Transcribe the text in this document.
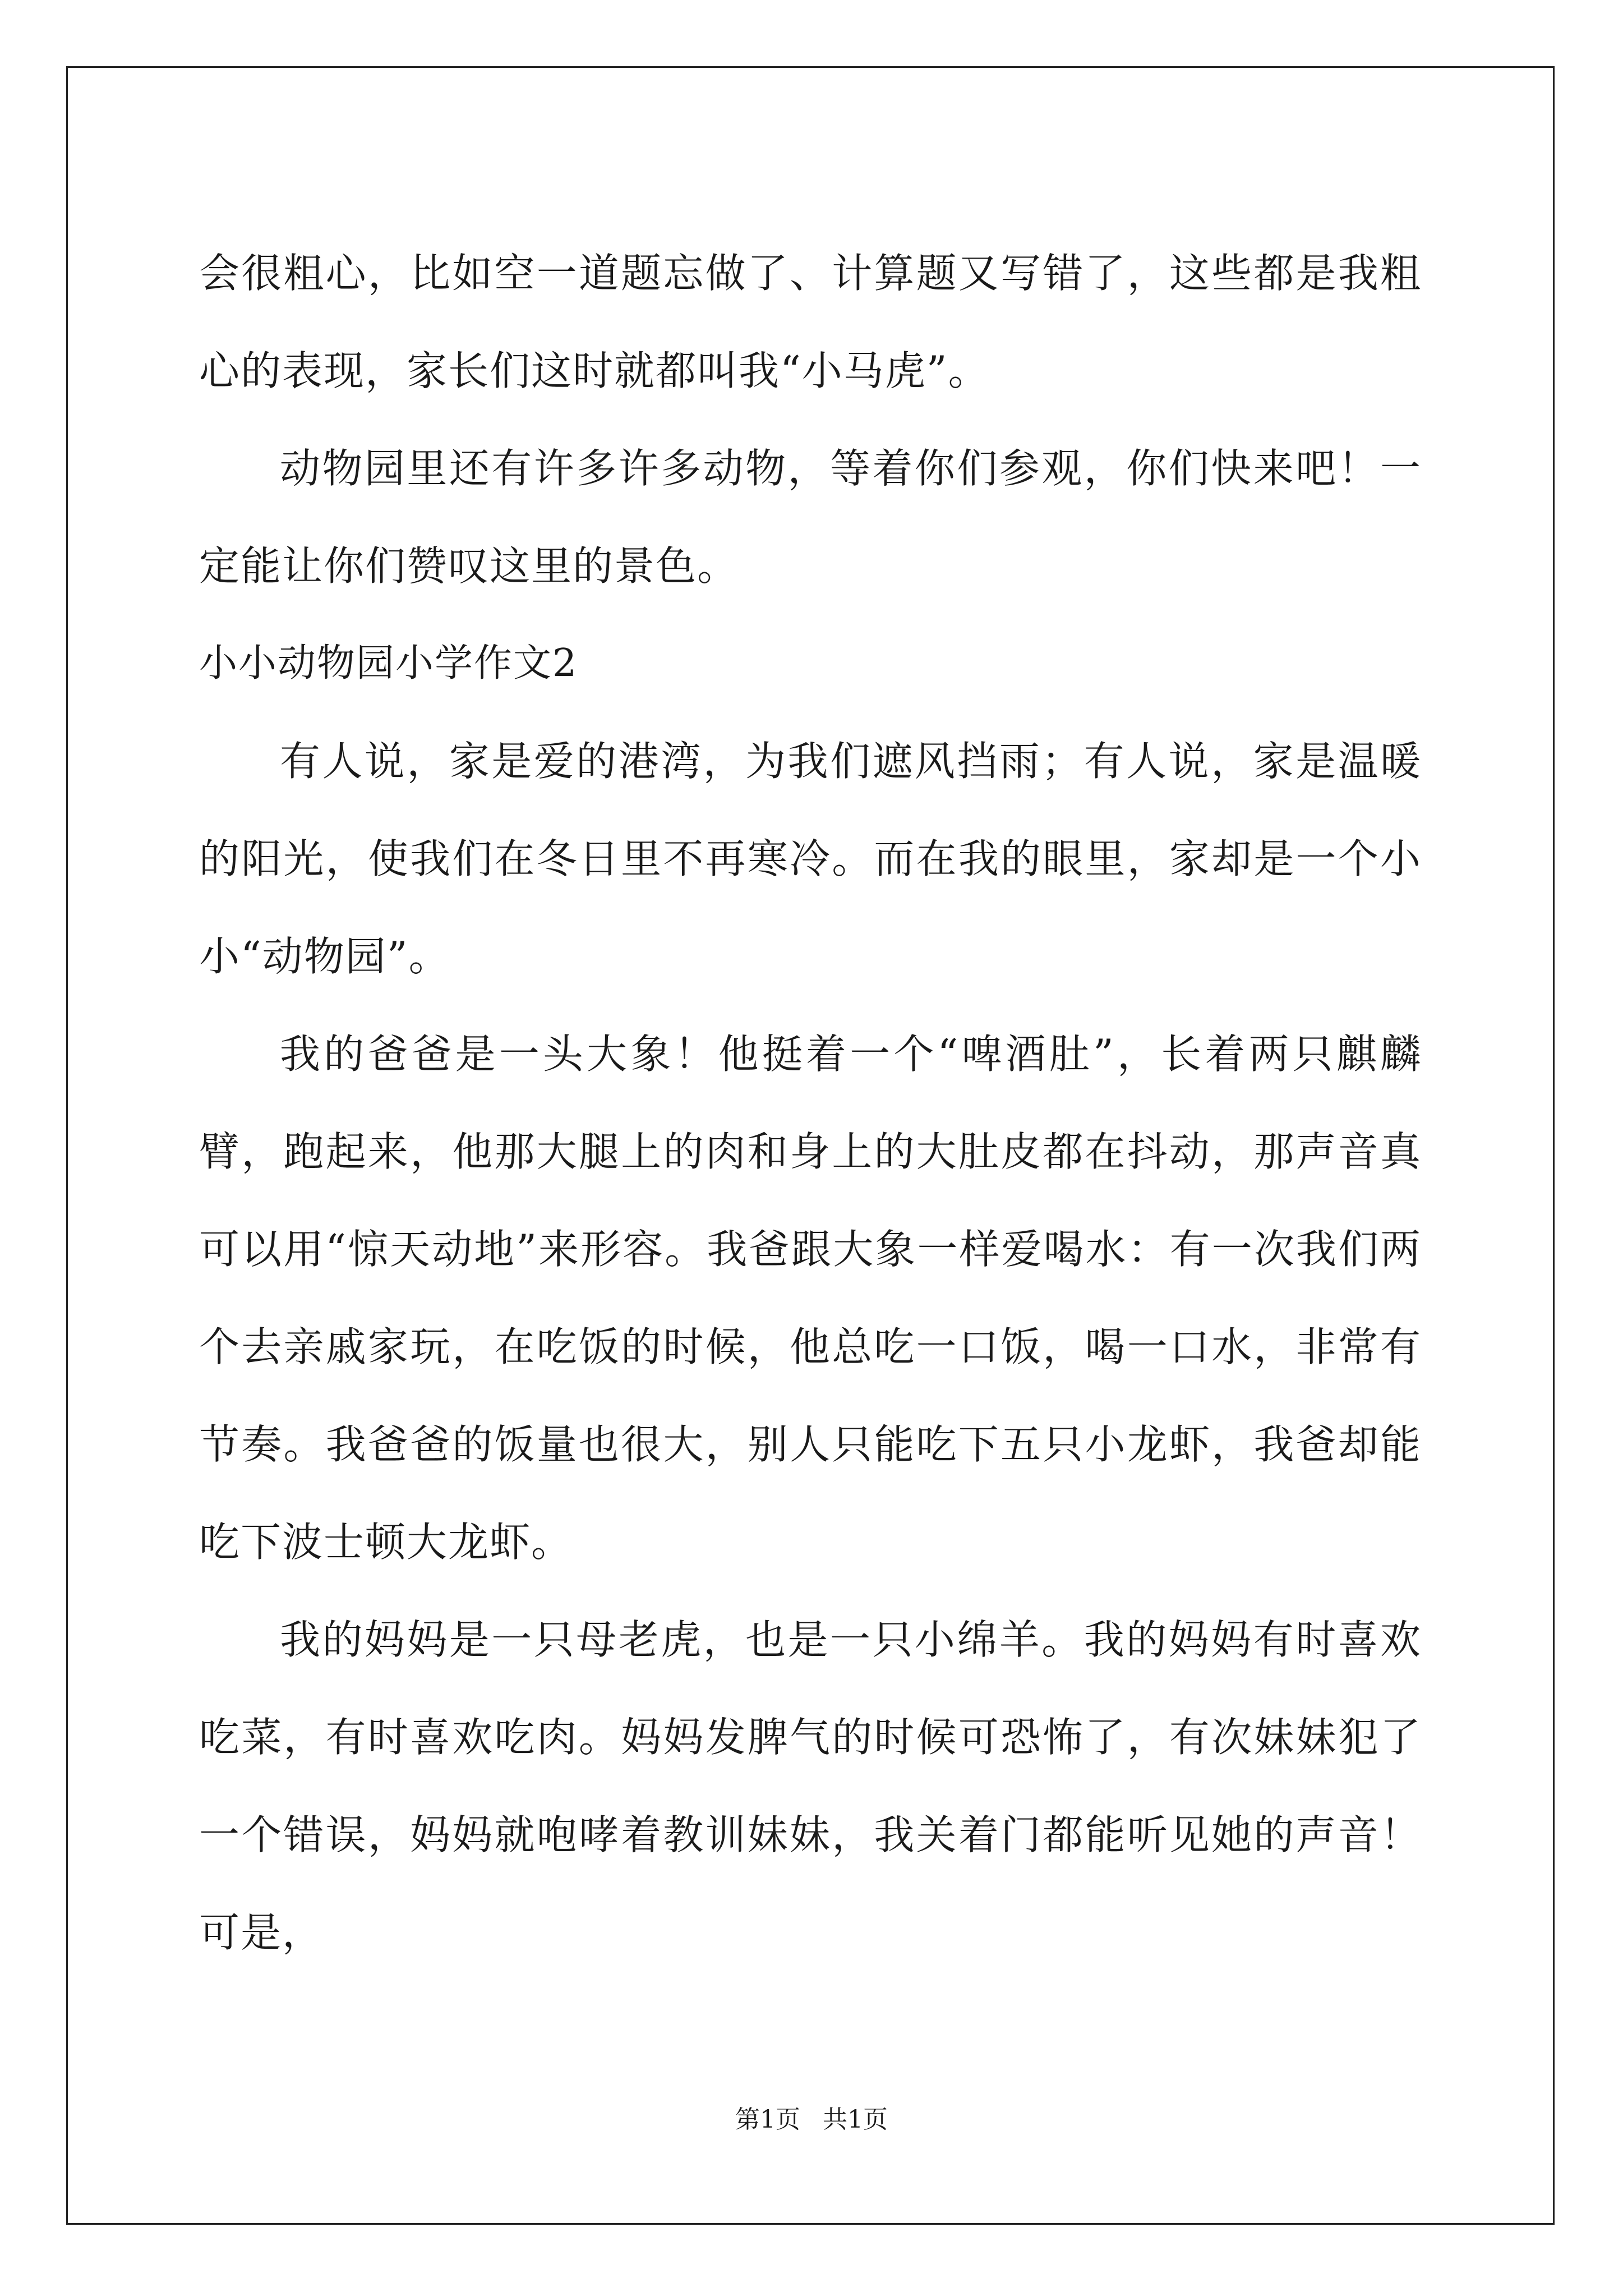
会很粗心，比如空一道题忘做了、计算题又写错了，这些都是我粗心的表现，家长们这时就都叫我“小马虎”。

动物园里还有许多许多动物，等着你们参观，你们快来吧！一定能让你们赞叹这里的景色。

小小动物园小学作文2

有人说，家是爱的港湾，为我们遮风挡雨；有人说，家是温暖的阳光，使我们在冬日里不再寒冷。而在我的眼里，家却是一个小小“动物园”。

我的爸爸是一头大象！他挺着一个“啤酒肚”，长着两只麒麟臂，跑起来，他那大腿上的肉和身上的大肚皮都在抖动，那声音真可以用“惊天动地”来形容。我爸跟大象一样爱喝水：有一次我们两个去亲戚家玩，在吃饭的时候，他总吃一口饭，喝一口水，非常有节奏。我爸爸的饭量也很大，别人只能吃下五只小龙虾，我爸却能吃下波士顿大龙虾。

我的妈妈是一只母老虎，也是一只小绵羊。我的妈妈有时喜欢吃菜，有时喜欢吃肉。妈妈发脾气的时候可恐怖了，有次妹妹犯了一个错误，妈妈就咆哮着教训妹妹，我关着门都能听见她的声音！可是，

第1页 共1页
